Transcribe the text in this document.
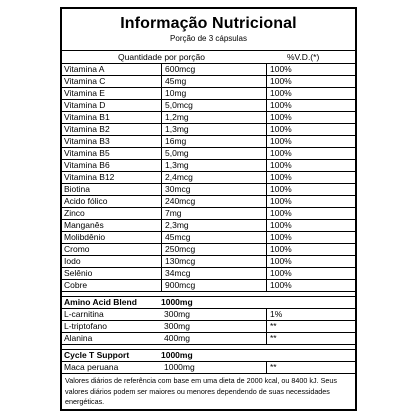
Informação Nutricional
Porção de 3 cápsulas
Quantidade por porção	%V.D.(*)
Vitamina A	600mcg	100%
Vitamina C	45mg	100%
Vitamina E	10mg	100%
Vitamina D	5,0mcg	100%
Vitamina B1	1,2mg	100%
Vitamina B2	1,3mg	100%
Vitamina B3	16mg	100%
Vitamina B5	5,0mg	100%
Vitamina B6	1,3mg	100%
Vitamina B12	2,4mcg	100%
Biotina	30mcg	100%
Acido fólico	240mcg	100%
Zinco	7mg	100%
Manganês	2,3mg	100%
Molibdênio	45mcg	100%
Cromo	250mcg	100%
Iodo	130mcg	100%
Selênio	34mcg	100%
Cobre	900mcg	100%
Amino Acid Blend	1000mg
L-carnitina	300mg	1%
L-triptofano	300mg	**
Alanina	400mg	**
Cycle T Support	1000mg
Maca peruana	1000mg	**
Valores diários de referência com base em uma dieta de 2000 kcal, ou 8400 kJ. Seus valores diários podem ser maiores ou menores dependendo de suas necessidades energéticas.
